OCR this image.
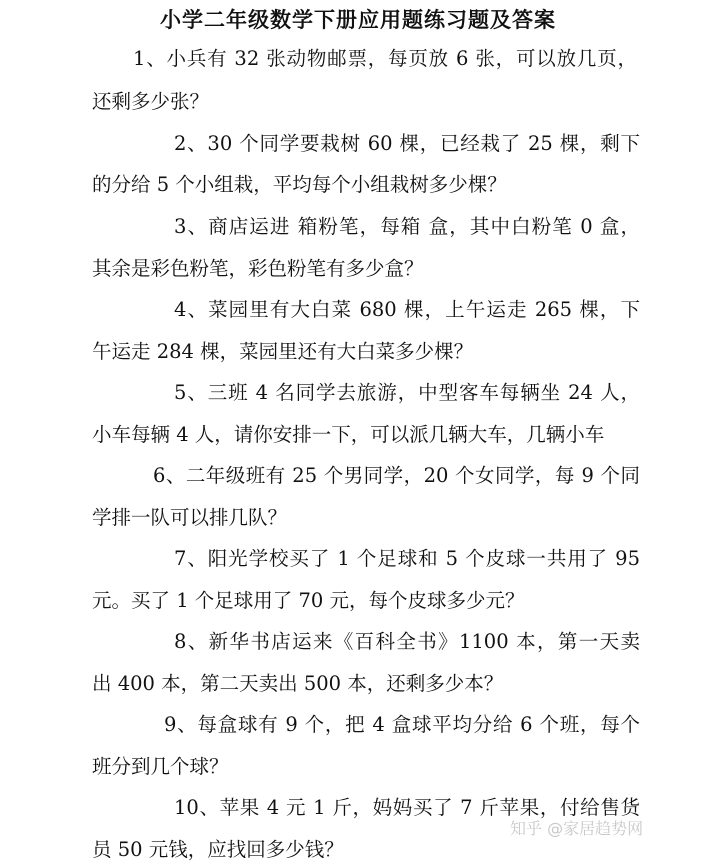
小学二年级数学下册应用题练习题及答案
1、小兵有 32 张动物邮票，每页放 6 张，可以放几页，
还剩多少张？
2、30 个同学要栽树 60 棵，已经栽了 25 棵，剩下
的分给 5 个小组栽，平均每个小组栽树多少棵？
3、商店运进 箱粉笔，每箱 盒，其中白粉笔 0 盒，
其余是彩色粉笔，彩色粉笔有多少盒？
4、菜园里有大白菜 680 棵，上午运走 265 棵，下
午运走 284 棵，菜园里还有大白菜多少棵？
5、三班 4 名同学去旅游，中型客车每辆坐 24 人，
小车每辆 4 人，请你安排一下，可以派几辆大车，几辆小车
6、二年级班有 25 个男同学，20 个女同学，每 9 个同
学排一队可以排几队？
7、阳光学校买了 1 个足球和 5 个皮球一共用了 95
元。买了 1 个足球用了 70 元，每个皮球多少元？
8、新华书店运来《百科全书》1100 本，第一天卖
出 400 本，第二天卖出 500 本，还剩多少本？
9、每盒球有 9 个，把 4 盒球平均分给 6 个班，每个
班分到几个球？
10、苹果 4 元 1 斤，妈妈买了 7 斤苹果，付给售货
员 50 元钱，应找回多少钱？
知乎 @家居趋势网
